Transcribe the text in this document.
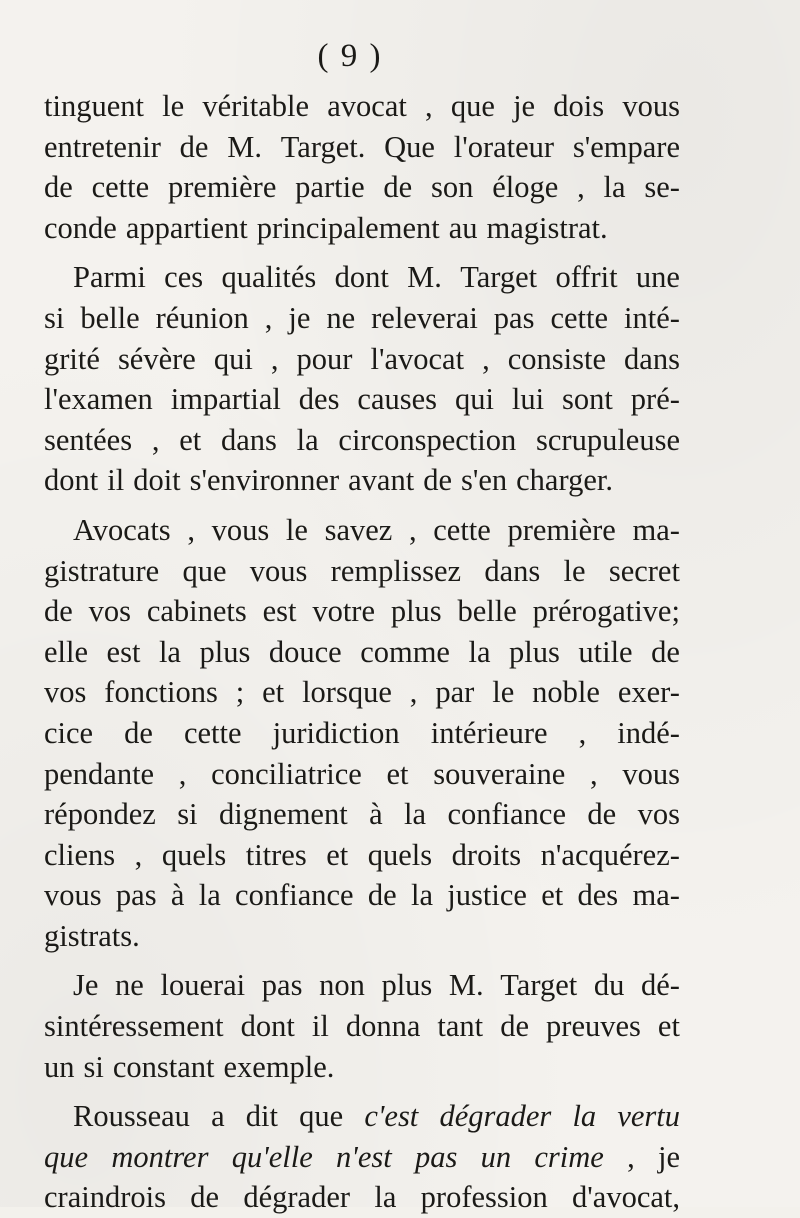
( 9 )
tinguent le véritable avocat , que je dois vous
entretenir de M. Target. Que l'orateur s'empare
de cette première partie de son éloge , la se-
conde appartient principalement au magistrat.
Parmi ces qualités dont M. Target offrit une
si belle réunion , je ne releverai pas cette inté-
grité sévère qui , pour l'avocat , consiste dans
l'examen impartial des causes qui lui sont pré-
sentées , et dans la circonspection scrupuleuse
dont il doit s'environner avant de s'en charger.
Avocats , vous le savez , cette première ma-
gistrature que vous remplissez dans le secret
de vos cabinets est votre plus belle prérogative;
elle est la plus douce comme la plus utile de
vos fonctions ; et lorsque , par le noble exer-
cice de cette juridiction intérieure , indé-
pendante , conciliatrice et souveraine , vous
répondez si dignement à la confiance de vos
cliens , quels titres et quels droits n'acquérez-
vous pas à la confiance de la justice et des ma-
gistrats.
Je ne louerai pas non plus M. Target du dé-
sintéressement dont il donna tant de preuves et
un si constant exemple.
Rousseau a dit que c'est dégrader la vertu
que montrer qu'elle n'est pas un crime , je
craindrois de dégrader la profession d'avocat,
